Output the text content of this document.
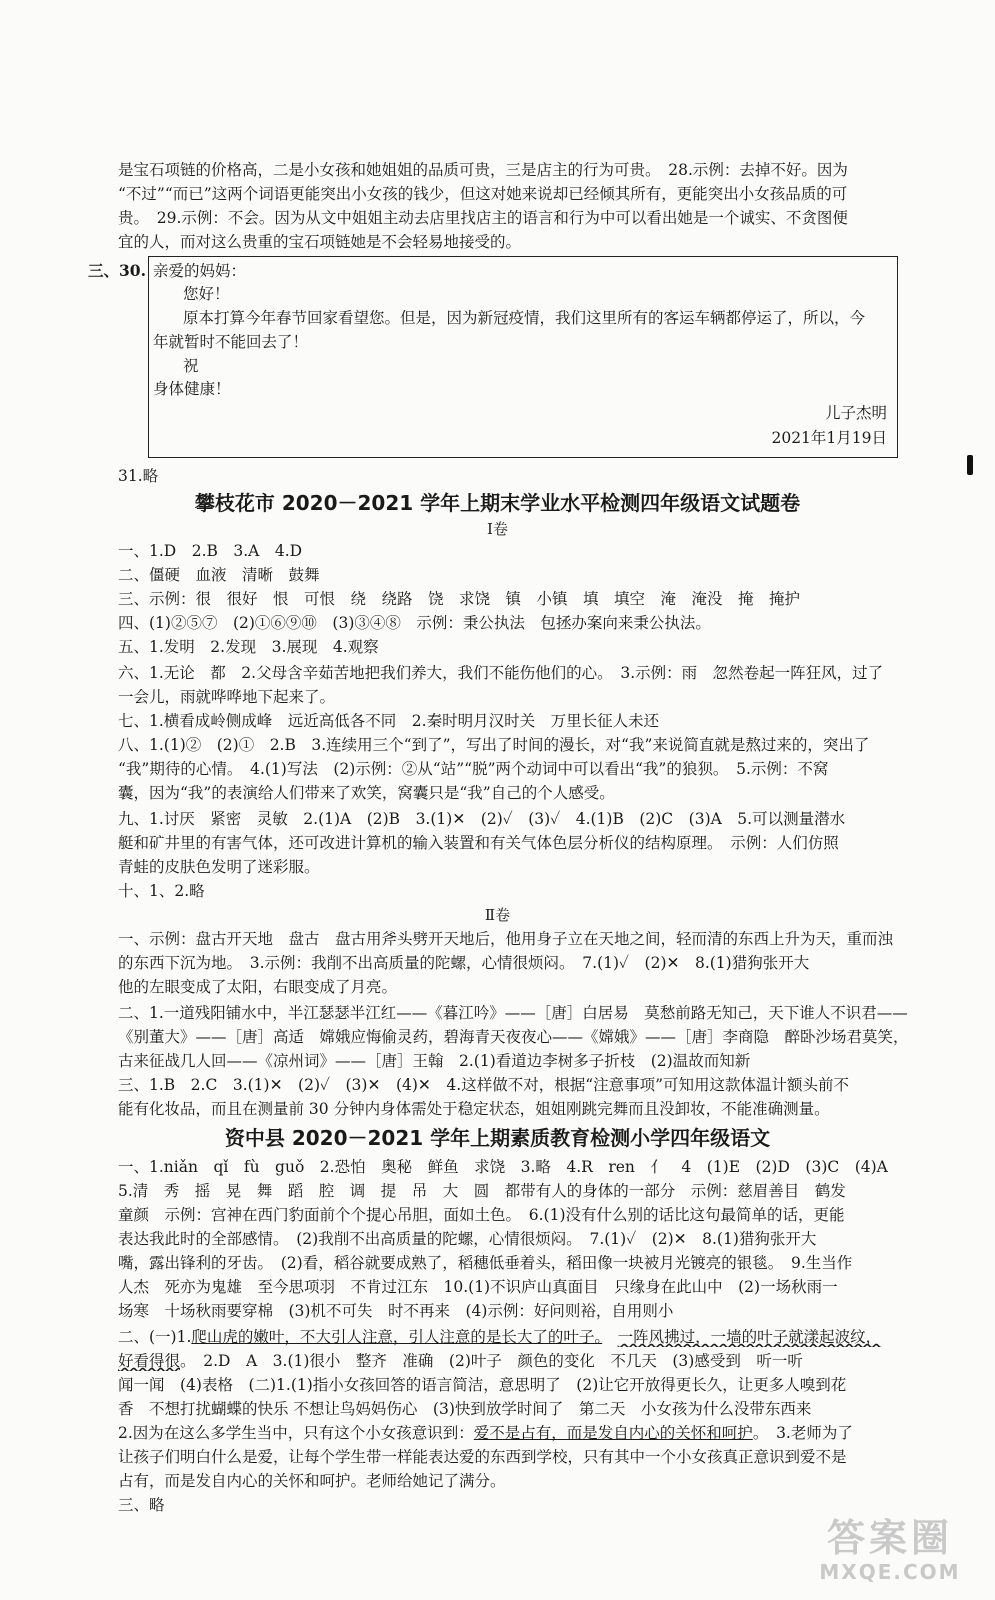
是宝石项链的价格高，二是小女孩和她姐姐的品质可贵，三是店主的行为可贵。　28.示例：去掉不好。因为
“不过”“而已”这两个词语更能突出小女孩的钱少，但这对她来说却已经倾其所有，更能突出小女孩品质的可
贵。　29.示例：不会。因为从文中姐姐主动去店里找店主的语言和行为中可以看出她是一个诚实、不贪图便
宜的人，而对这么贵重的宝石项链她是不会轻易地接受的。
三、30. 亲爱的妈妈：
您好！
原本打算今年春节回家看望您。但是，因为新冠疫情，我们这里所有的客运车辆都停运了，所以，今
年就暂时不能回去了！
祝
身体健康！
儿子杰明
2021年1月19日
31.略
攀枝花市 2020－2021 学年上期末学业水平检测四年级语文试题卷
Ⅰ卷
一、1.D　2.B　3.A　4.D
二、僵硬　血液　清晰　鼓舞
三、示例：很　很好　恨　可恨　绕　绕路　饶　求饶　镇　小镇　填　填空　淹　淹没　掩　掩护
四、(1)②⑤⑦　(2)①⑥⑨⑩　(3)③④⑧　示例：秉公执法　包拯办案向来秉公执法。
五、1.发明　2.发现　3.展现　4.观察
六、1.无论　都　2.父母含辛茹苦地把我们养大，我们不能伤他们的心。　3.示例：雨　忽然卷起一阵狂风，过了
一会儿，雨就哗哗地下起来了。
七、1.横看成岭侧成峰　远近高低各不同　2.秦时明月汉时关　万里长征人未还
八、1.(1)②　(2)①　2.B　3.连续用三个“到了”，写出了时间的漫长，对“我”来说简直就是熬过来的，突出了
“我”期待的心情。　4.(1)写法　(2)示例：②从“站”“脱”两个动词中可以看出“我”的狼狈。　5.示例：不窝
囊，因为“我”的表演给人们带来了欢笑，窝囊只是“我”自己的个人感受。
九、1.讨厌　紧密　灵敏　2.(1)A　(2)B　3.(1)✕　(2)✓　(3)✓　4.(1)B　(2)C　(3)A　5.可以测量潜水
艇和矿井里的有害气体，还可改进计算机的输入装置和有关气体色层分析仪的结构原理。　示例：人们仿照
青蛙的皮肤色发明了迷彩服。
十、1、2.略
Ⅱ卷
一、示例：盘古开天地　盘古　盘古用斧头劈开天地后，他用身子立在天地之间，轻而清的东西上升为天，重而浊
的东西下沉为地。　3.示例：我削不出高质量的陀螺，心情很烦闷。　7.(1)✓　(2)✕　8.(1)猎狗张开大
他的左眼变成了太阳，右眼变成了月亮。
二、1.一道残阳铺水中，半江瑟瑟半江红——《暮江吟》——［唐］白居易　莫愁前路无知己，天下谁人不识君——
《别董大》——［唐］高适　嫦娥应悔偷灵药，碧海青天夜夜心——《嫦娥》——［唐］李商隐　醉卧沙场君莫笑，
古来征战几人回——《凉州词》——［唐］王翰　2.(1)看道边李树多子折枝　(2)温故而知新
三、1.B　2.C　3.(1)✕　(2)✓　(3)✕　(4)✕　4.这样做不对，根据“注意事项”可知用这款体温计额头前不
能有化妆品，而且在测量前 30 分钟内身体需处于稳定状态，姐姐刚跳完舞而且没卸妆，不能准确测量。
资中县 2020－2021 学年上期素质教育检测小学四年级语文
一、1.niǎn　qǐ　fù　guǒ　2.恐怕　奥秘　鲜鱼　求饶　3.略　4.R　ren　亻　4　(1)E　(2)D　(3)C　(4)A
5.清　秀　摇　晃　舞　蹈　腔　调　提　吊　大　圆　都带有人的身体的一部分　示例：慈眉善目　鹤发
童颜　示例：宫神在西门豹面前个个提心吊胆，面如土色。　6.(1)没有什么别的话比这句最简单的话，更能
表达我此时的全部感情。　(2)我削不出高质量的陀螺，心情很烦闷。　7.(1)✓　(2)✕　8.(1)猎狗张开大
嘴，露出锋利的牙齿。　(2)看，稻谷就要成熟了，稻穗低垂着头，稻田像一块被月光镀亮的银毯。　9.生当作
人杰　死亦为鬼雄　至今思项羽　不肯过江东　10.(1)不识庐山真面目　只缘身在此山中　(2)一场秋雨一
场寒　十场秋雨要穿棉　(3)机不可失　时不再来　(4)示例：好问则裕，自用则小
二、(一)1.爬山虎的嫩叶，不大引人注意，引人注意的是长大了的叶子。　 一阵风拂过，一墙的叶子就漾起波纹，
好看得很。　2.D　A　3.(1)很小　整齐　准确　(2)叶子　颜色的变化　不几天　(3)感受到　听一听
闻一闻　(4)表格　(二)1.(1)指小女孩回答的语言简洁，意思明了　(2)让它开放得更长久，让更多人嗅到花
香　不想打扰蝴蝶的快乐 不想让鸟妈妈伤心　(3)快到放学时间了　第二天　小女孩为什么没带东西来
2.因为在这么多学生当中，只有这个小女孩意识到：爱不是占有，而是发自内心的关怀和呵护。　3.老师为了
让孩子们明白什么是爱，让每个学生带一样能表达爱的东西到学校，只有其中一个小女孩真正意识到爱不是
占有，而是发自内心的关怀和呵护。老师给她记了满分。
三、略
答案圈
MXQE.COM
